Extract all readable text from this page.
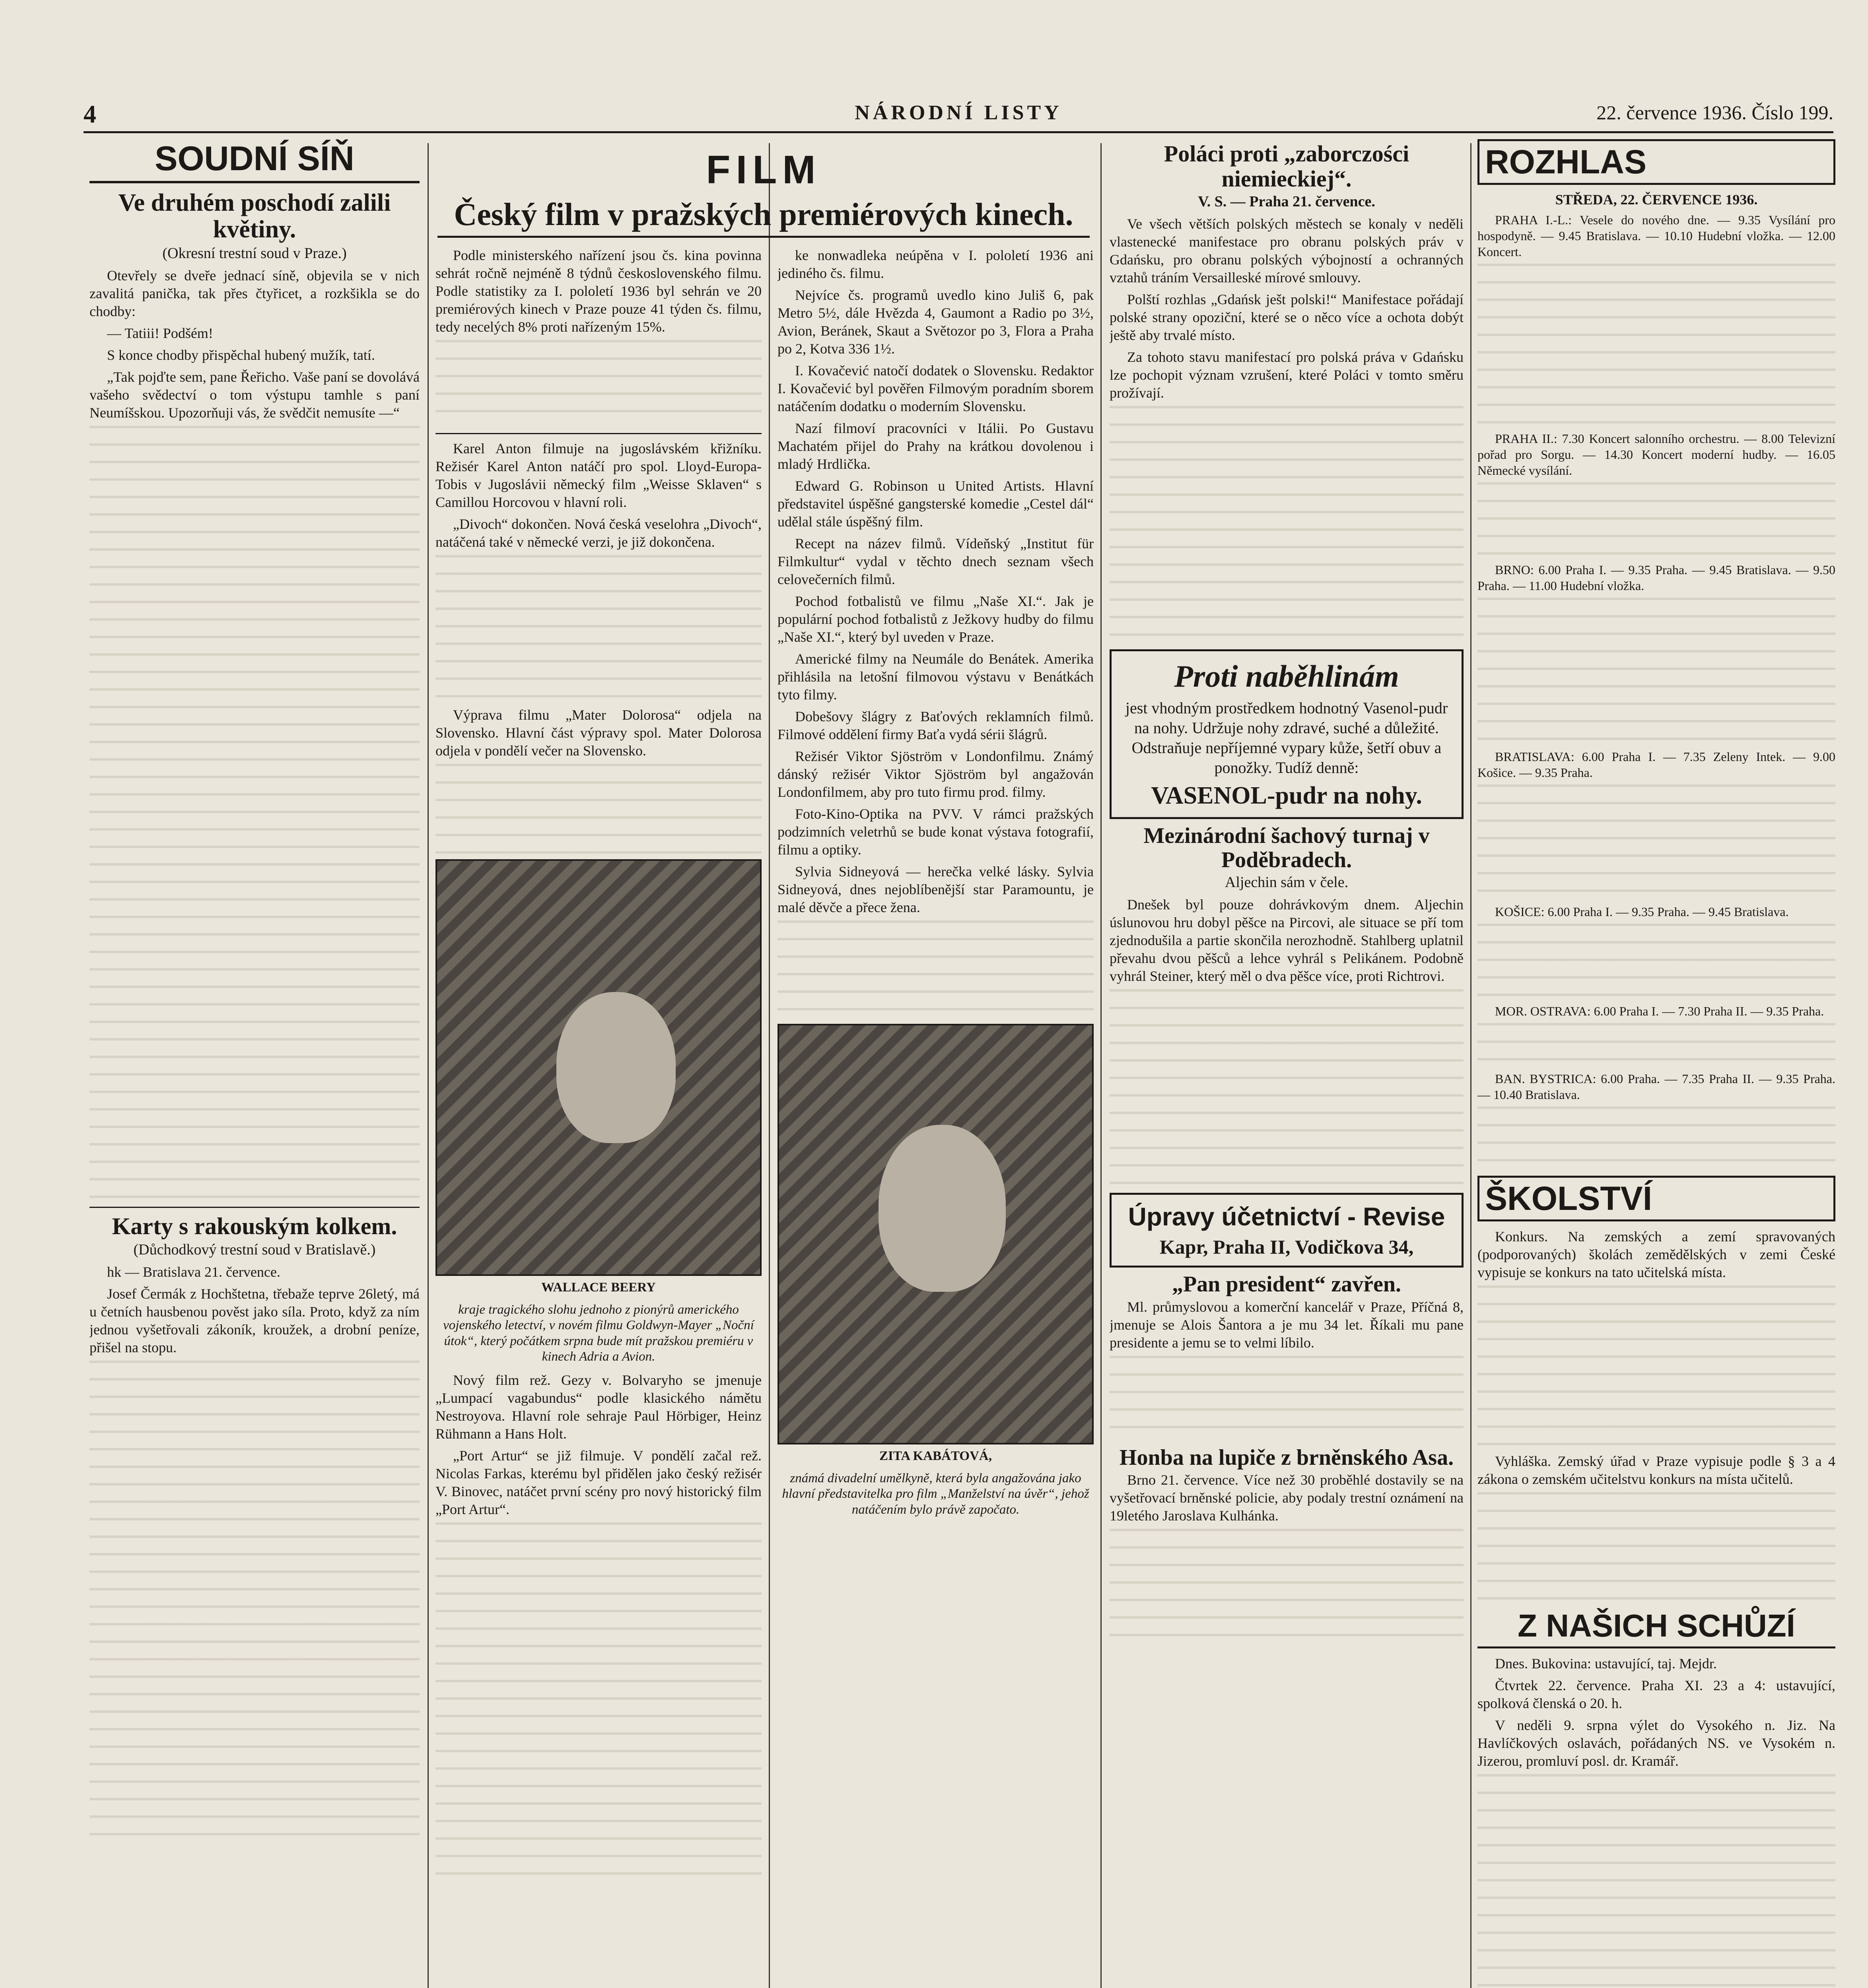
4	NÁRODNÍ LISTY	22. července 1936. Číslo 199.
SOUDNÍ SÍŇ
Ve druhém poschodí zalili květiny.
(Okresní trestní soud v Praze.)

Otevřely se dveře jednací síně, objevila se v nich zavalitá panička, tak přes čtyřicet, a rozkšikla se do chodby:

— Tatiii! Podšém!

S konce chodby přispěchal hubený mužík, tatí.

„Tak pojďte sem, pane Řeřicho. Vaše paní se dovolává vašeho svědectví o tom výstupu tamhle s paní Neumíšskou. Upozorňuji vás, že svědčit nemusíte —“

Karty s rakouským kolkem.
(Důchodkový trestní soud v Bratislavě.)

hk — Bratislava 21. července.

Josef Čermák z Hochštetna, třebaže teprve 26letý, má u četních hausbenou pověst jako síla. Proto, když za ním jednou vyšetřovali zákoník, kroužek, a drobní peníze, přišel na stopu.

FILM
Český film v pražských premiérových kinech.

Podle ministerského nařízení jsou čs. kina povinna sehrát ročně nejméně 8 týdnů československého filmu. Podle statistiky za I. pololetí 1936 byl sehrán ve 20 premiérových kinech v Praze pouze 41 týden čs. filmu, tedy necelých 8% proti nařízeným 15%.

Karel Anton filmuje na jugoslávském křižníku. Režisér Karel Anton natáčí pro spol. Lloyd-Europa-Tobis v Jugoslávii německý film „Weisse Sklaven“ s Camillou Horcovou v hlavní roli.

„Divoch“ dokončen. Nová česká veselohra „Divoch“, natáčená také v německé verzi, je již dokončena.

Výprava filmu „Mater Dolorosa“ odjela na Slovensko. Hlavní část výpravy spol. Mater Dolorosa odjela v pondělí večer na Slovensko.

WALLACE BEERY
kraje tragického slohu jednoho z pionýrů amerického vojenského letectví, v novém filmu Goldwyn-Mayer „Noční útok“, který počátkem srpna bude mít pražskou premiéru v kinech Adria a Avion.

Nový film rež. Gezy v. Bolvaryho se jmenuje „Lumpací vagabundus“ podle klasického námětu Nestroyova. Hlavní role sehraje Paul Hörbiger, Heinz Rühmann a Hans Holt.

„Port Artur“ se již filmuje. V pondělí začal rež. Nicolas Farkas, kterému byl přidělen jako český režisér V. Binovec, natáčet první scény pro nový historický film „Port Artur“.

ke nonwadleka neúpěna v I. pololetí 1936 ani jediného čs. filmu.

Nejvíce čs. programů uvedlo kino Juliš 6, pak Metro 5½, dále Hvězda 4, Gaumont a Radio po 3½, Avion, Beránek, Skaut a Světozor po 3, Flora a Praha po 2, Kotva 336 1½.

I. Kovačević natočí dodatek o Slovensku. Redaktor I. Kovačević byl pověřen Filmovým poradním sborem natáčením dodatku o moderním Slovensku.

Nazí filmoví pracovníci v Itálii. Po Gustavu Machatém přijel do Prahy na krátkou dovolenou i mladý Hrdlička.

Edward G. Robinson u United Artists. Hlavní představitel úspěšné gangsterské komedie „Cestel dál“ udělal stále úspěšný film.

Recept na název filmů. Vídeňský „Institut für Filmkultur“ vydal v těchto dnech seznam všech celovečerních filmů.

Pochod fotbalistů ve filmu „Naše XI.“. Jak je populární pochod fotbalistů z Ježkovy hudby do filmu „Naše XI.“, který byl uveden v Praze.

Americké filmy na Neumále do Benátek. Amerika přihlásila na letošní filmovou výstavu v Benátkách tyto filmy.

Dobešovy šlágry z Baťových reklamních filmů. Filmové oddělení firmy Baťa vydá sérii šlágrů.

Režisér Viktor Sjöström v Londonfilmu. Známý dánský režisér Viktor Sjöström byl angažován Londonfilmem, aby pro tuto firmu prod. filmy.

Foto-Kino-Optika na PVV. V rámci pražských podzimních veletrhů se bude konat výstava fotografií, filmu a optiky.

Sylvia Sidneyová — herečka velké lásky. Sylvia Sidneyová, dnes nejoblíbenější star Paramountu, je malé děvče a přece žena.

ZITA KABÁTOVÁ,
známá divadelní umělkyně, která byla angažována jako hlavní představitelka pro film „Manželství na úvěr“, jehož natáčením bylo právě započato.

Poláci proti „zaborczości niemieckiej“.
V. S. — Praha 21. července.

Ve všech větších polských městech se konaly v neděli vlastenecké manifestace pro obranu polských práv v Gdańsku, pro obranu polských výbojností a ochranných vztahů tráním Versailleské mírové smlouvy.

Polští rozhlas „Gdańsk ješt polski!“ Manifestace pořádají polské strany opoziční, které se o něco více a ochota dobýt ještě aby trvalé místo.

Za tohoto stavu manifestací pro polská práva v Gdańsku lze pochopit význam vzrušení, které Poláci v tomto směru prožívají.

Proti naběhlinám
jest vhodným prostředkem hodnotný Vasenol-pudr na nohy. Udržuje nohy zdravé, suché a důležité. Odstraňuje nepříjemné vypary kůže, šetří obuv a ponožky. Tudíž denně:
VASENOL-pudr na nohy.
Mezinárodní šachový turnaj v Poděbradech.
Aljechin sám v čele.

Dnešek byl pouze dohrávkovým dnem. Aljechin úslunovou hru dobyl pěšce na Pircovi, ale situace se pří tom zjednodušila a partie skončila nerozhodně. Stahlberg uplatnil převahu dvou pěšců a lehce vyhrál s Pelikánem. Podobně vyhrál Steiner, který měl o dva pěšce více, proti Richtrovi.

Úpravy účetnictví - Revise
Kapr, Praha II, Vodičkova 34,
„Pan president“ zavřen.

Ml. průmyslovou a komerční kancelář v Praze, Příčná 8, jmenuje se Alois Šantora a je mu 34 let. Říkali mu pane presidente a jemu se to velmi líbilo.

Honba na lupiče z brněnského Asa.

Brno 21. července. Více než 30 proběhlé dostavily se na vyšetřovací brněnské policie, aby podaly trestní oznámení na 19letého Jaroslava Kulhánka.

ROZHLAS
STŘEDA, 22. ČERVENCE 1936.

PRAHA I.-L.: Vesele do nového dne. — 9.35 Vysílání pro hospodyně. — 9.45 Bratislava. — 10.10 Hudební vložka. — 12.00 Koncert.

PRAHA II.: 7.30 Koncert salonního orchestru. — 8.00 Televizní pořad pro Sorgu. — 14.30 Koncert moderní hudby. — 16.05 Německé vysílání.

BRNO: 6.00 Praha I. — 9.35 Praha. — 9.45 Bratislava. — 9.50 Praha. — 11.00 Hudební vložka.

BRATISLAVA: 6.00 Praha I. — 7.35 Zeleny Intek. — 9.00 Košice. — 9.35 Praha.

KOŠICE: 6.00 Praha I. — 9.35 Praha. — 9.45 Bratislava.

MOR. OSTRAVA: 6.00 Praha I. — 7.30 Praha II. — 9.35 Praha.

BAN. BYSTRICA: 6.00 Praha. — 7.35 Praha II. — 9.35 Praha. — 10.40 Bratislava.

ŠKOLSTVÍ

Konkurs. Na zemských a zemí spravovaných (podporovaných) školách zemědělských v zemi České vypisuje se konkurs na tato učitelská místa.

Vyhláška. Zemský úřad v Praze vypisuje podle § 3 a 4 zákona o zemském učitelstvu konkurs na místa učitelů.

Z NAŠICH SCHŮZÍ

Dnes. Bukovina: ustavující, taj. Mejdr.

Čtvrtek 22. července. Praha XI. 23 a 4: ustavující, spolková členská o 20. h.

V neděli 9. srpna výlet do Vysokého n. Jiz. Na Havlíčkových oslavách, pořádaných NS. ve Vysokém n. Jizerou, promluví posl. dr. Kramář.
